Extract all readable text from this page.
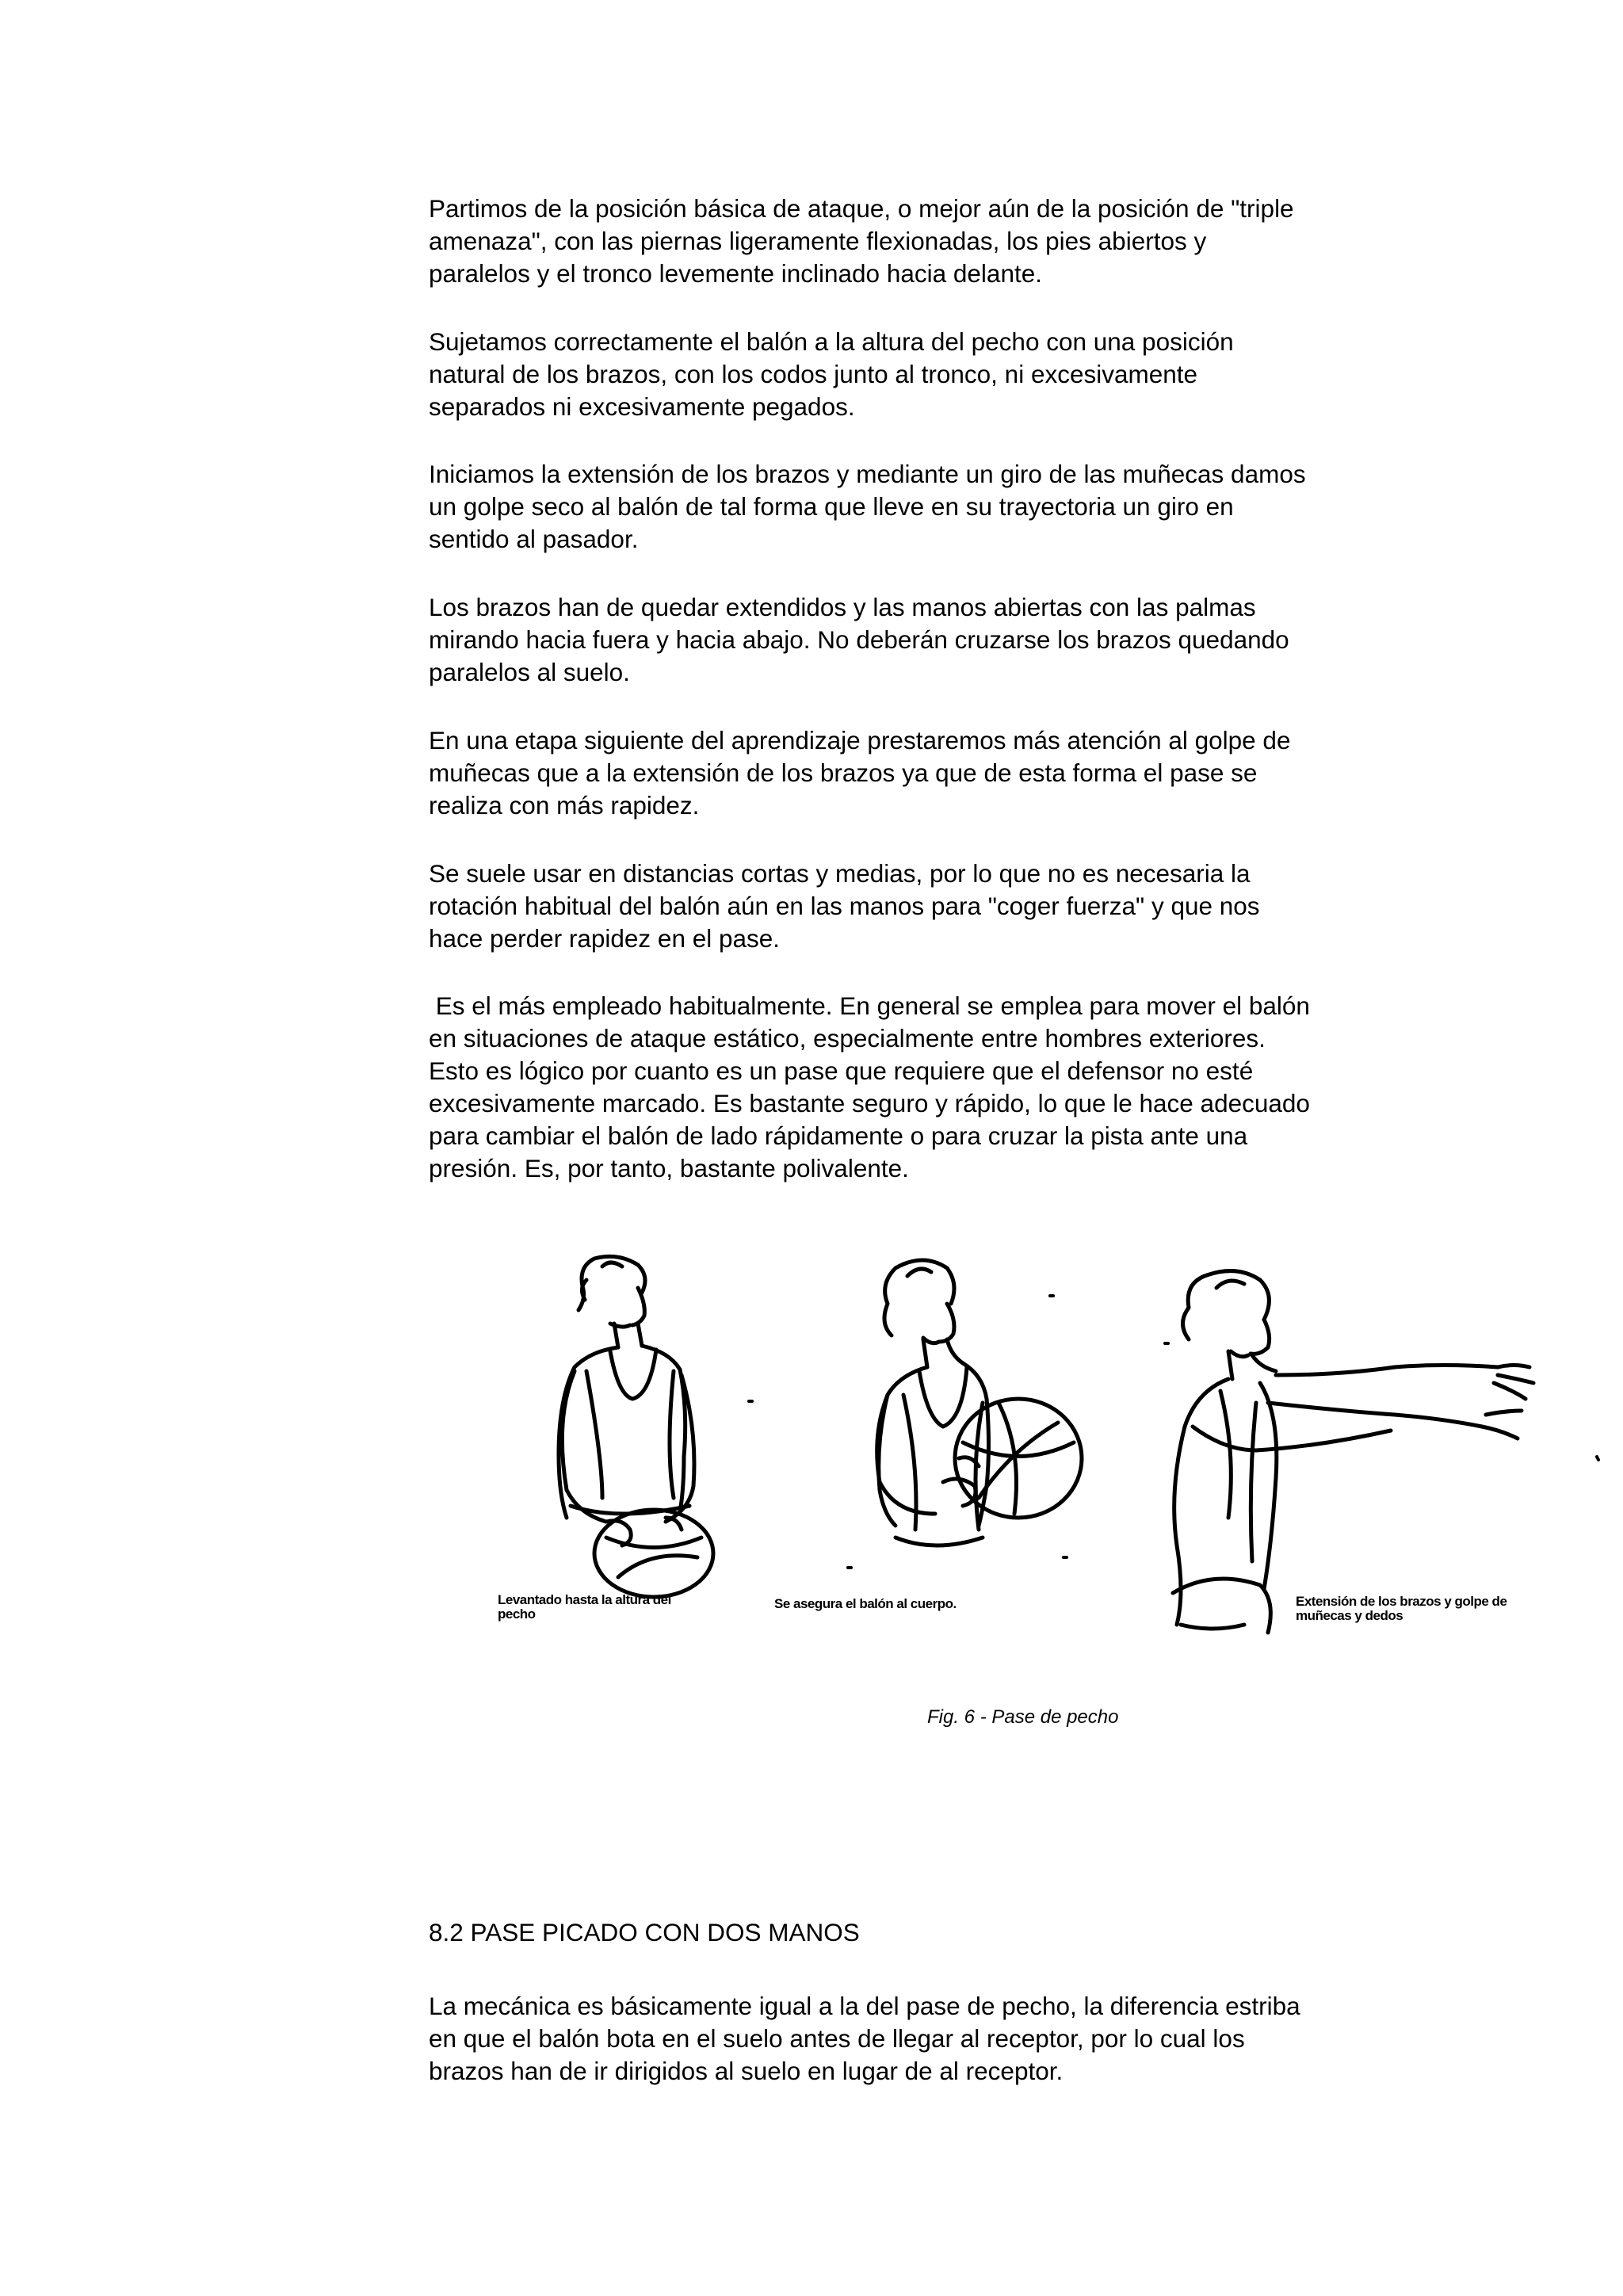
Partimos de la posición básica de ataque, o mejor aún de la posición de "triple
amenaza", con las piernas ligeramente flexionadas, los pies abiertos y
paralelos y el tronco levemente inclinado hacia delante.

Sujetamos correctamente el balón a la altura del pecho con una posición
natural de los brazos, con los codos junto al tronco, ni excesivamente
separados ni excesivamente pegados.

Iniciamos la extensión de los brazos y mediante un giro de las muñecas damos
un golpe seco al balón de tal forma que lleve en su trayectoria un giro en
sentido al pasador.

Los brazos han de quedar extendidos y las manos abiertas con las palmas
mirando hacia fuera y hacia abajo. No deberán cruzarse los brazos quedando
paralelos al suelo.

En una etapa siguiente del aprendizaje prestaremos más atención al golpe de
muñecas que a la extensión de los brazos ya que de esta forma el pase se
realiza con más rapidez.

Se suele usar en distancias cortas y medias, por lo que no es necesaria la
rotación habitual del balón aún en las manos para "coger fuerza" y que nos
hace perder rapidez en el pase.

Es el más empleado habitualmente. En general se emplea para mover el balón
en situaciones de ataque estático, especialmente entre hombres exteriores.
Esto es lógico por cuanto es un pase que requiere que el defensor no esté
excesivamente marcado. Es bastante seguro y rápido, lo que le hace adecuado
para cambiar el balón de lado rápidamente o para cruzar la pista ante una
presión. Es, por tanto, bastante polivalente.

Levantado hasta la altura del
pecho
Se asegura el balón al cuerpo.	Extensión de los brazos y golpe de
muñecas y dedos
Fig. 6 - Pase de pecho
8.2 PASE PICADO CON DOS MANOS

La mecánica es básicamente igual a la del pase de pecho, la diferencia estriba
en que el balón bota en el suelo antes de llegar al receptor, por lo cual los
brazos han de ir dirigidos al suelo en lugar de al receptor.
